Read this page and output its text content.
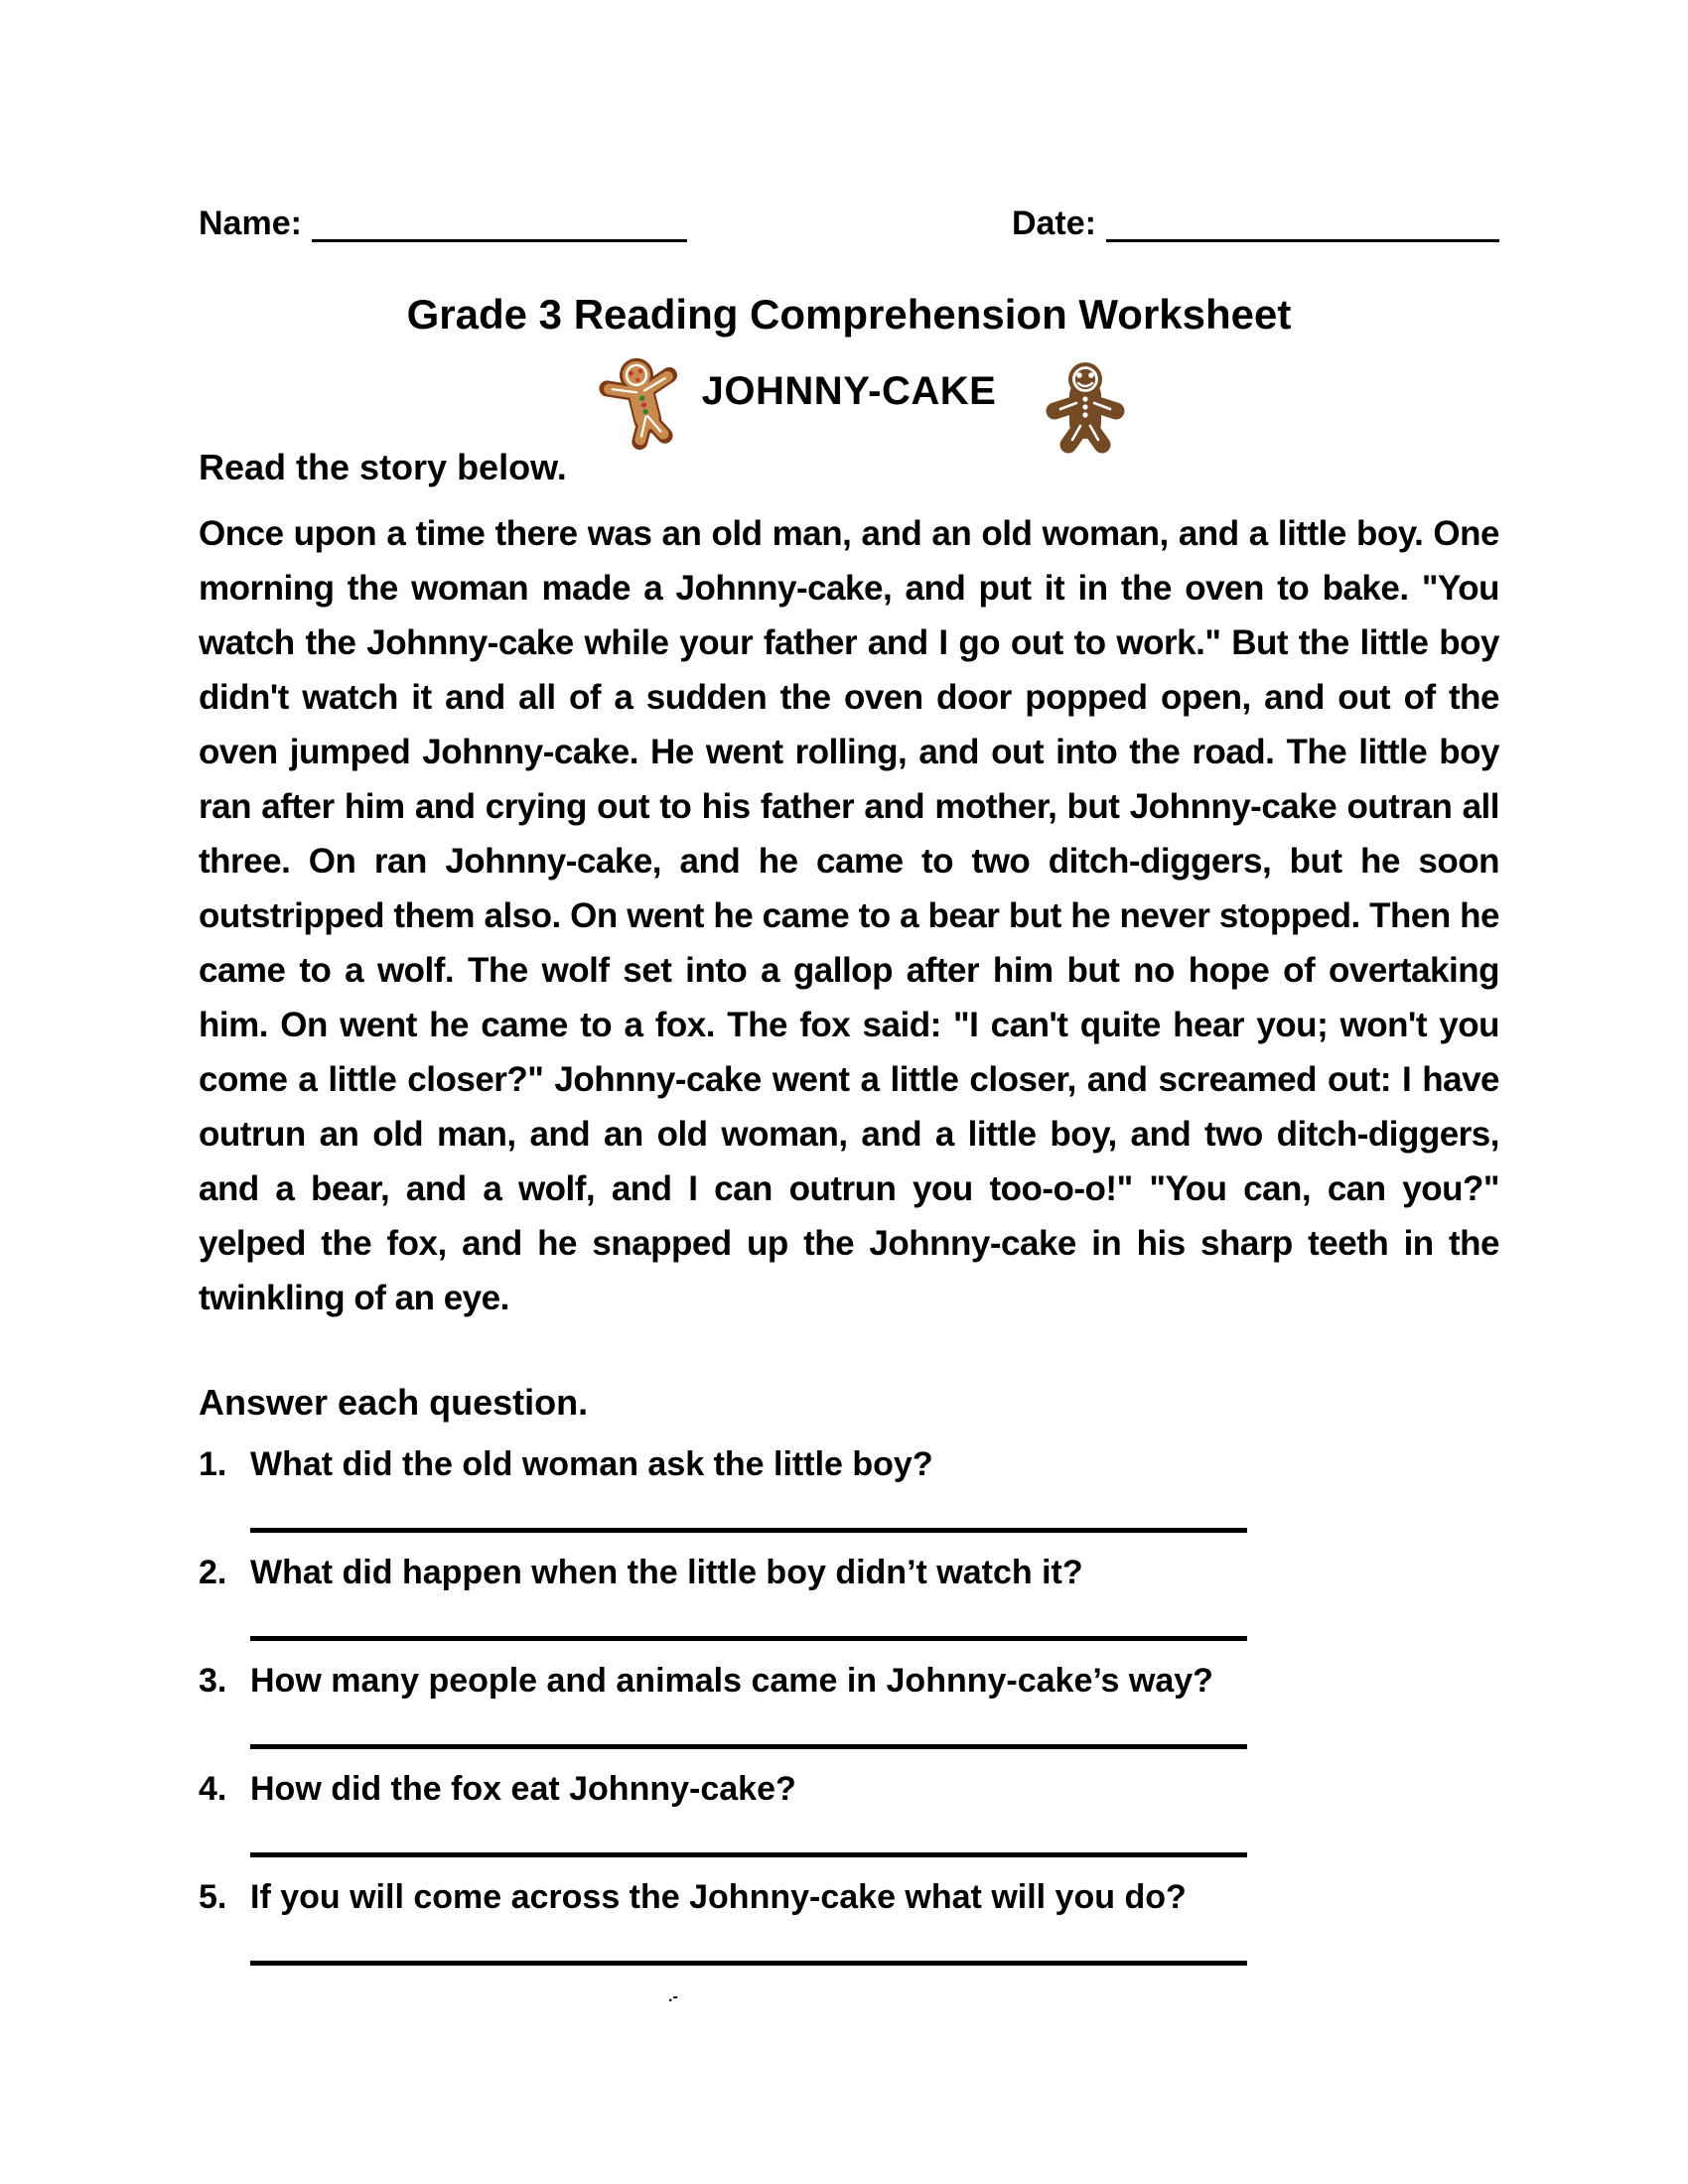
Name:	Date:
Grade 3 Reading Comprehension Worksheet
JOHNNY-CAKE
Read the story below.
Once upon a time there was an old man, and an old woman, and a little boy. One morning the woman made a Johnny-cake, and put it in the oven to bake. "You watch the Johnny-cake while your father and I go out to work." But the little boy didn't watch it and all of a sudden the oven door popped open, and out of the oven jumped Johnny-cake. He went rolling, and out into the road. The little boy ran after him and crying out to his father and mother, but Johnny-cake outran all three. On ran Johnny-cake, and he came to two ditch-diggers, but he soon outstripped them also. On went he came to a bear but he never stopped. Then he came to a wolf. The wolf set into a gallop after him but no hope of overtaking him. On went he came to a fox. The fox said: "I can't quite hear you; won't you come a little closer?" Johnny-cake went a little closer, and screamed out: I have outrun an old man, and an old woman, and a little boy, and two ditch-diggers, and a bear, and a wolf, and I can outrun you too-o-o!" "You can, can you?" yelped the fox, and he snapped up the Johnny-cake in his sharp teeth in the twinkling of an eye.
Answer each question.
1. What did the old woman ask the little boy?
2. What did happen when the little boy didn’t watch it?
3. How many people and animals came in Johnny-cake’s way?
4. How did the fox eat Johnny-cake?
5. If you will come across the Johnny-cake what will you do?
.-
